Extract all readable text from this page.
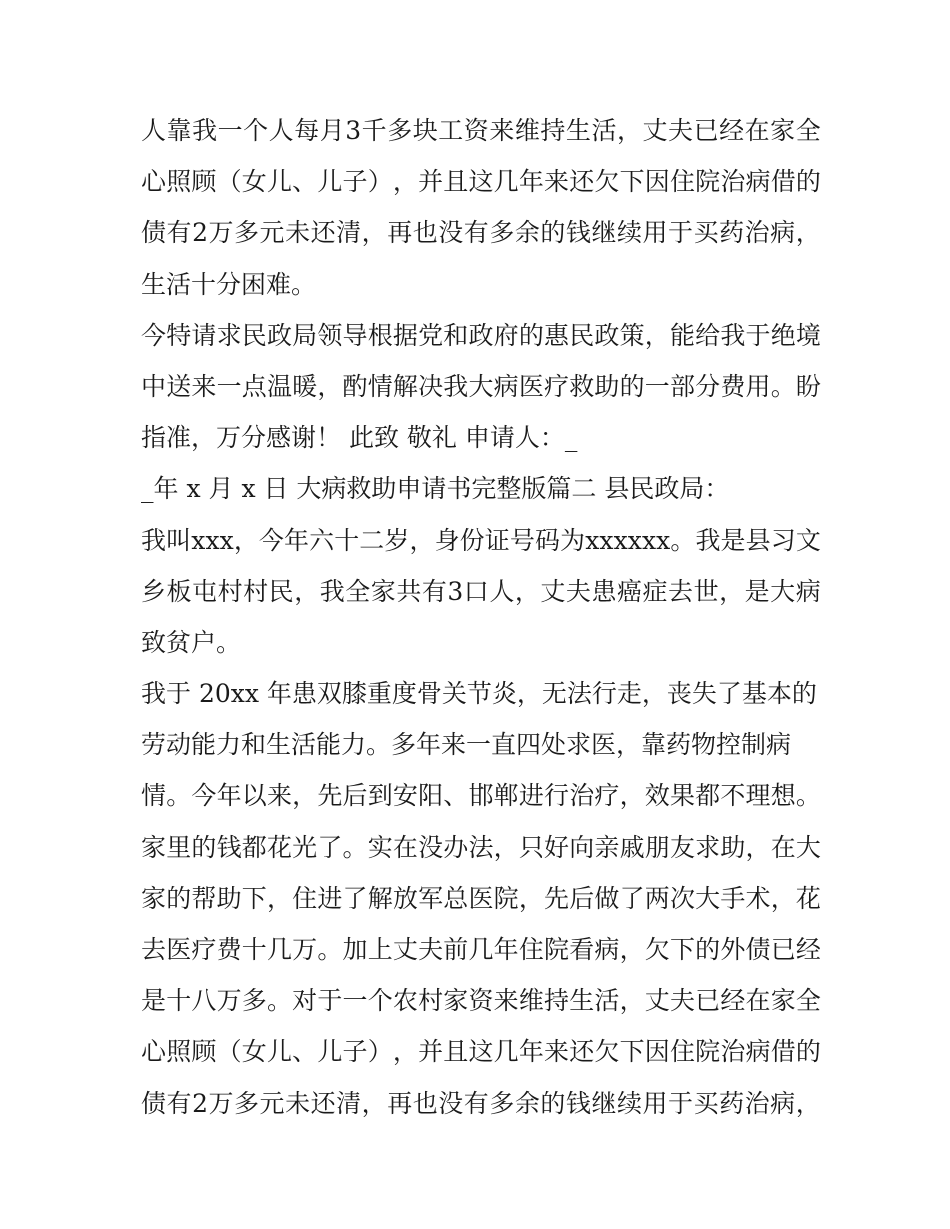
人 靠 我 一 个 人 每 月 3 千 多 块 工 资 来 维 持 生 活 ， 丈 夫 已 经 在 家 全
心 照 顾 （ 女 儿 、 儿 子 ） ， 并 且 这 几 年 来 还 欠 下 因 住 院 治 病 借 的
债 有 2 万 多 元 未 还 清 ， 再 也 没 有 多 余 的 钱 继 续 用 于 买 药 治 病 ，
生活十分困难。
今 特 请 求 民 政 局 领 导 根 据 党 和 政 府 的 惠 民 政 策 ， 能 给 我 于 绝 境
中 送 来 一 点 温 暖 ， 酌 情 解 决 我 大 病 医 疗 救 助 的 一 部 分 费 用 。 盼
指准，万分感谢！ 此致 敬礼 申请人：_
_年 x 月 x 日 大病救助申请书完整版篇二 县民政局：
我 叫 x x x ， 今 年 六 十 二 岁 ， 身 份 证 号 码 为 x x x x x x 。 我 是 县 习 文
乡 板 屯 村 村 民 ， 我 全 家 共 有 3 口 人 ， 丈 夫 患 癌 症 去 世 ， 是 大 病
致贫户。
我于 20xx 年患双膝重度骨关节炎，无法行走，丧失了基本的
劳动能力和生活能力。多年来一直四处求医，靠药物控制病
情 。 今 年 以 来 ， 先 后 到 安 阳 、 邯 郸 进 行 治 疗 ， 效 果 都 不 理 想 。
家 里 的 钱 都 花 光 了 。 实 在 没 办 法 ， 只 好 向 亲 戚 朋 友 求 助 ， 在 大
家 的 帮 助 下 ， 住 进 了 解 放 军 总 医 院 ， 先 后 做 了 两 次 大 手 术 ， 花
去 医 疗 费 十 几 万 。 加 上 丈 夫 前 几 年 住 院 看 病 ， 欠 下 的 外 债 已 经
是 十 八 万 多 。 对 于 一 个 农 村 家 资 来 维 持 生 活 ， 丈 夫 已 经 在 家 全
心 照 顾 （ 女 儿 、 儿 子 ） ， 并 且 这 几 年 来 还 欠 下 因 住 院 治 病 借 的
债 有 2 万 多 元 未 还 清 ， 再 也 没 有 多 余 的 钱 继 续 用 于 买 药 治 病 ，
